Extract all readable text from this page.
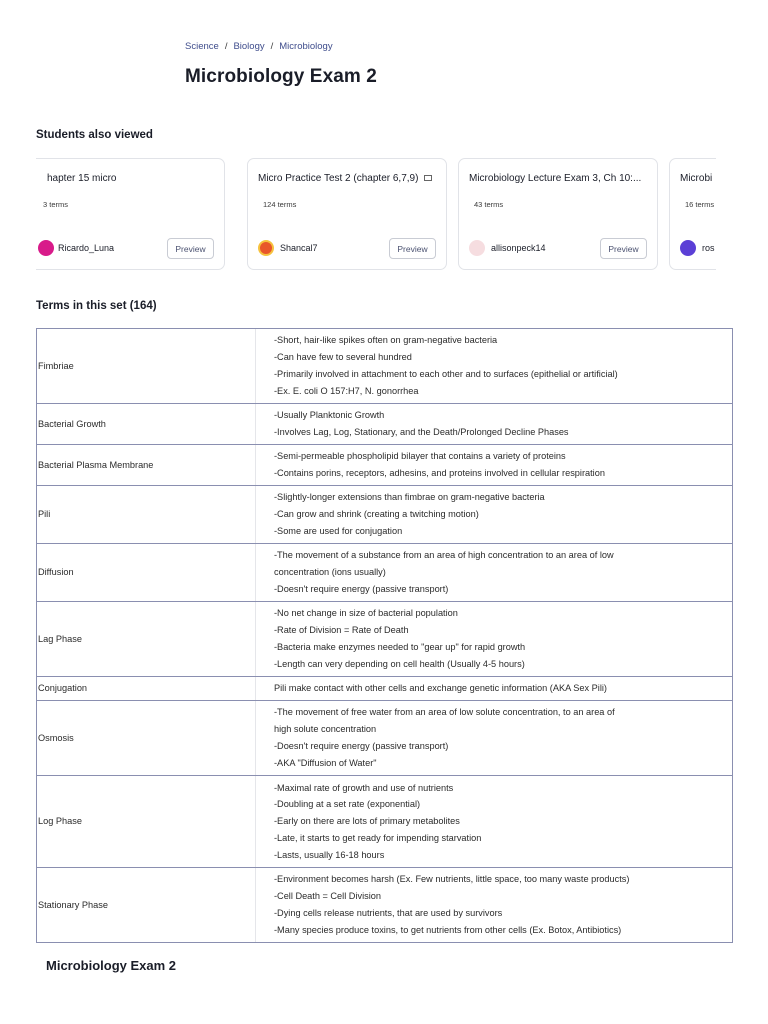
Science / Biology / Microbiology
Microbiology Exam 2
Students also viewed
hapter 15 micro
3 terms
Ricardo_Luna	Preview
Micro Practice Test 2 (chapter 6,7,9)
124 terms
Shancal7	Preview
Microbiology Lecture Exam 3, Ch 10:...
43 terms
allisonpeck14	Preview
Microbi
16 terms
ros
Terms in this set (164)
Fimbriae	-Short, hair-like spikes often on gram-negative bacteria
-Can have few to several hundred
-Primarily involved in attachment to each other and to surfaces (epithelial or artificial)
-Ex. E. coli O 157:H7, N. gonorrhea

Bacterial Growth	-Usually Planktonic Growth
-Involves Lag, Log, Stationary, and the Death/Prolonged Decline Phases

Bacterial Plasma Membrane	-Semi-permeable phospholipid bilayer that contains a variety of proteins
-Contains porins, receptors, adhesins, and proteins involved in cellular respiration

Pili	-Slightly-longer extensions than fimbrae on gram-negative bacteria
-Can grow and shrink (creating a twitching motion)
-Some are used for conjugation

Diffusion	-The movement of a substance from an area of high concentration to an area of low
concentration (ions usually)
-Doesn't require energy (passive transport)

Lag Phase	-No net change in size of bacterial population
-Rate of Division = Rate of Death
-Bacteria make enzymes needed to "gear up" for rapid growth
-Length can very depending on cell health (Usually 4-5 hours)

Conjugation	Pili make contact with other cells and exchange genetic information (AKA Sex Pili)

Osmosis	-The movement of free water from an area of low solute concentration, to an area of
high solute concentration
-Doesn't require energy (passive transport)
-AKA "Diffusion of Water"

Log Phase	-Maximal rate of growth and use of nutrients
-Doubling at a set rate (exponential)
-Early on there are lots of primary metabolites
-Late, it starts to get ready for impending starvation
-Lasts, usually 16-18 hours

Stationary Phase	-Environment becomes harsh (Ex. Few nutrients, little space, too many waste products)
-Cell Death = Cell Division
-Dying cells release nutrients, that are used by survivors
-Many species produce toxins, to get nutrients from other cells (Ex. Botox, Antibiotics)
Microbiology Exam 2
